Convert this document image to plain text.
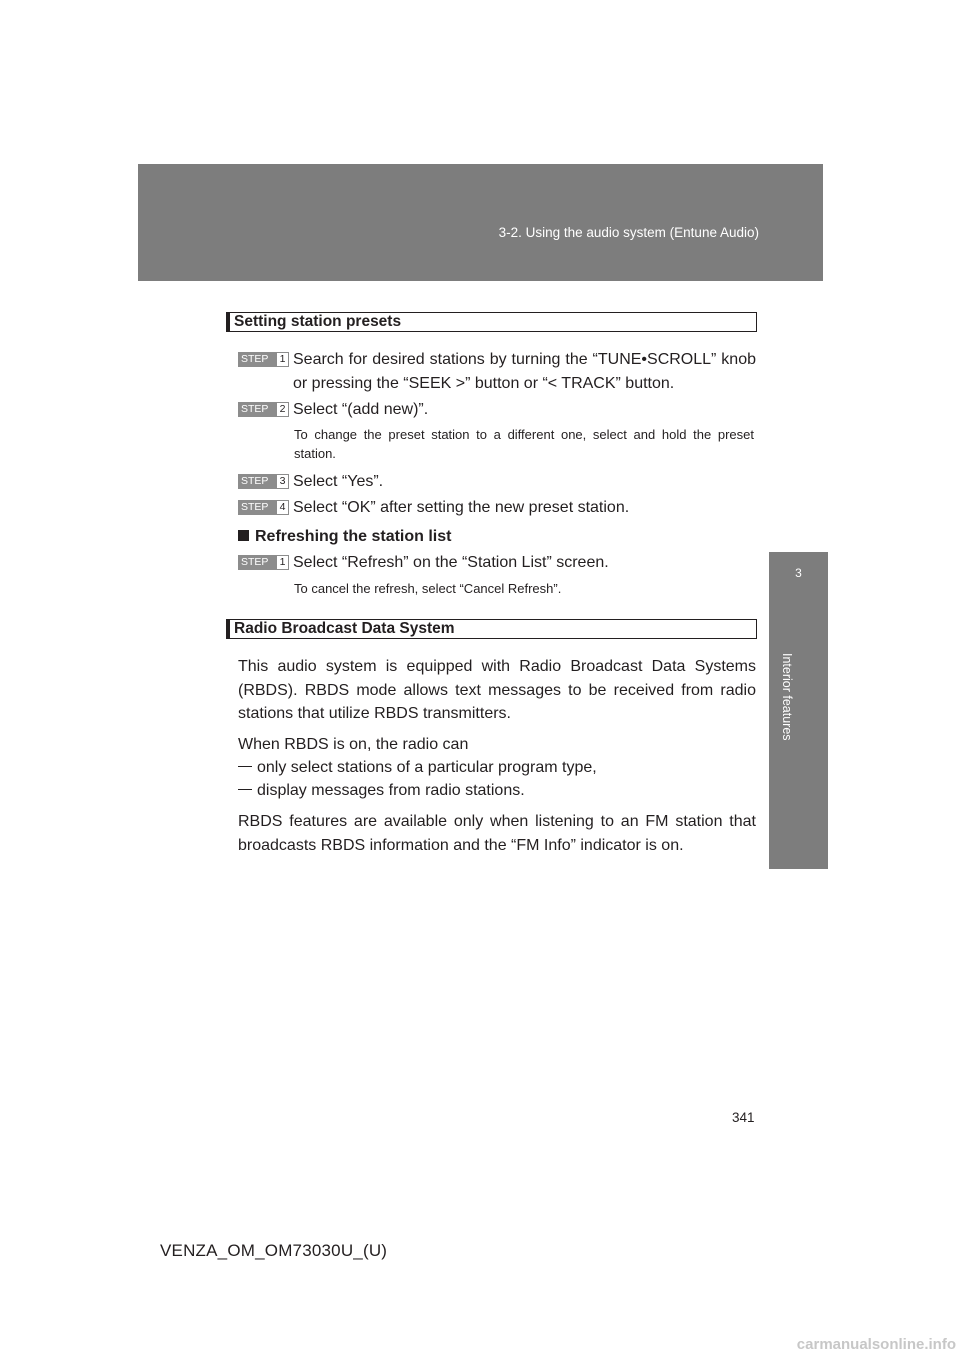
3-2. Using the audio system (Entune Audio)
3
Interior features
Setting station presets
STEP	1 Search for desired stations by turning the “TUNE•SCROLL” knob or pressing the “SEEK >” button or “< TRACK” button.
STEP	2 Select “(add new)”.
To change the preset station to a different one, select and hold the preset station.
STEP	3 Select “Yes”.
STEP	4 Select “OK” after setting the new preset station.
Refreshing the station list
STEP	1 Select “Refresh” on the “Station List” screen.
To cancel the refresh, select “Cancel Refresh”.
Radio Broadcast Data System
This audio system is equipped with Radio Broadcast Data Systems (RBDS). RBDS mode allows text messages to be received from radio stations that utilize RBDS transmitters.
When RBDS is on, the radio can
only select stations of a particular program type,
display messages from radio stations.
RBDS features are available only when listening to an FM station that broadcasts RBDS information and the “FM Info” indicator is on.
341
VENZA_OM_OM73030U_(U)
carmanualsonline.info
